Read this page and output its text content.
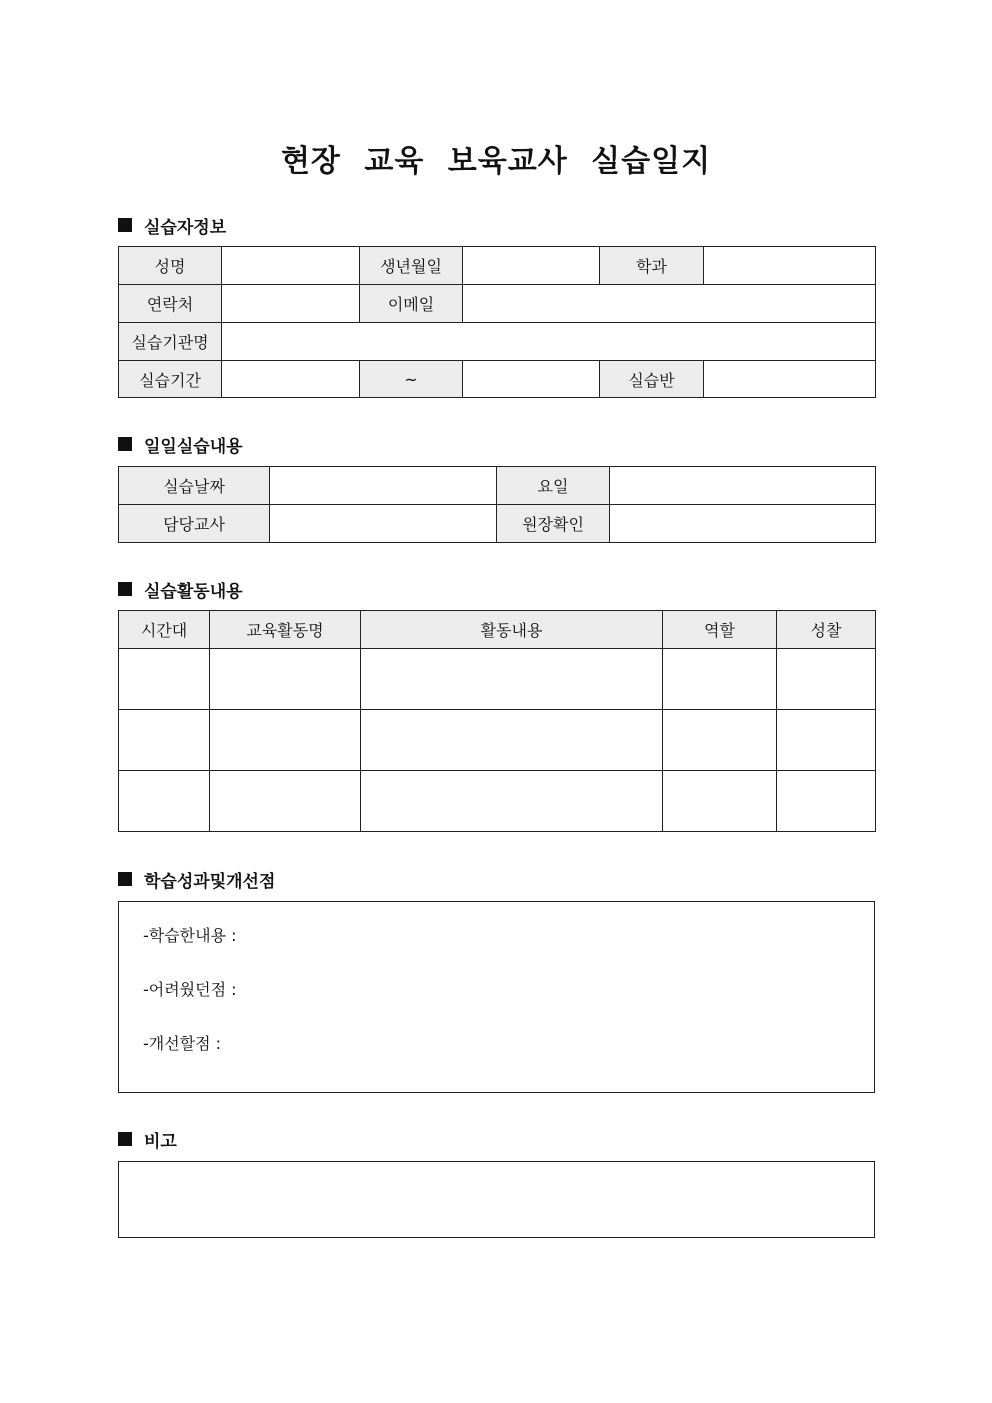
현장 교육 보육교사 실습일지
실습자정보
성명		생년월일		학과	
연락처		이메일			
실습기관명					
실습기간		~		실습반	
일일실습내용
실습날짜		요일	
담당교사		원장확인	
실습활동내용
시간대	교육활동명	활동내용	역할	성찰

학습성과및개선점
-학습한내용 :
-어려웠던점 :
-개선할점 :
비고
